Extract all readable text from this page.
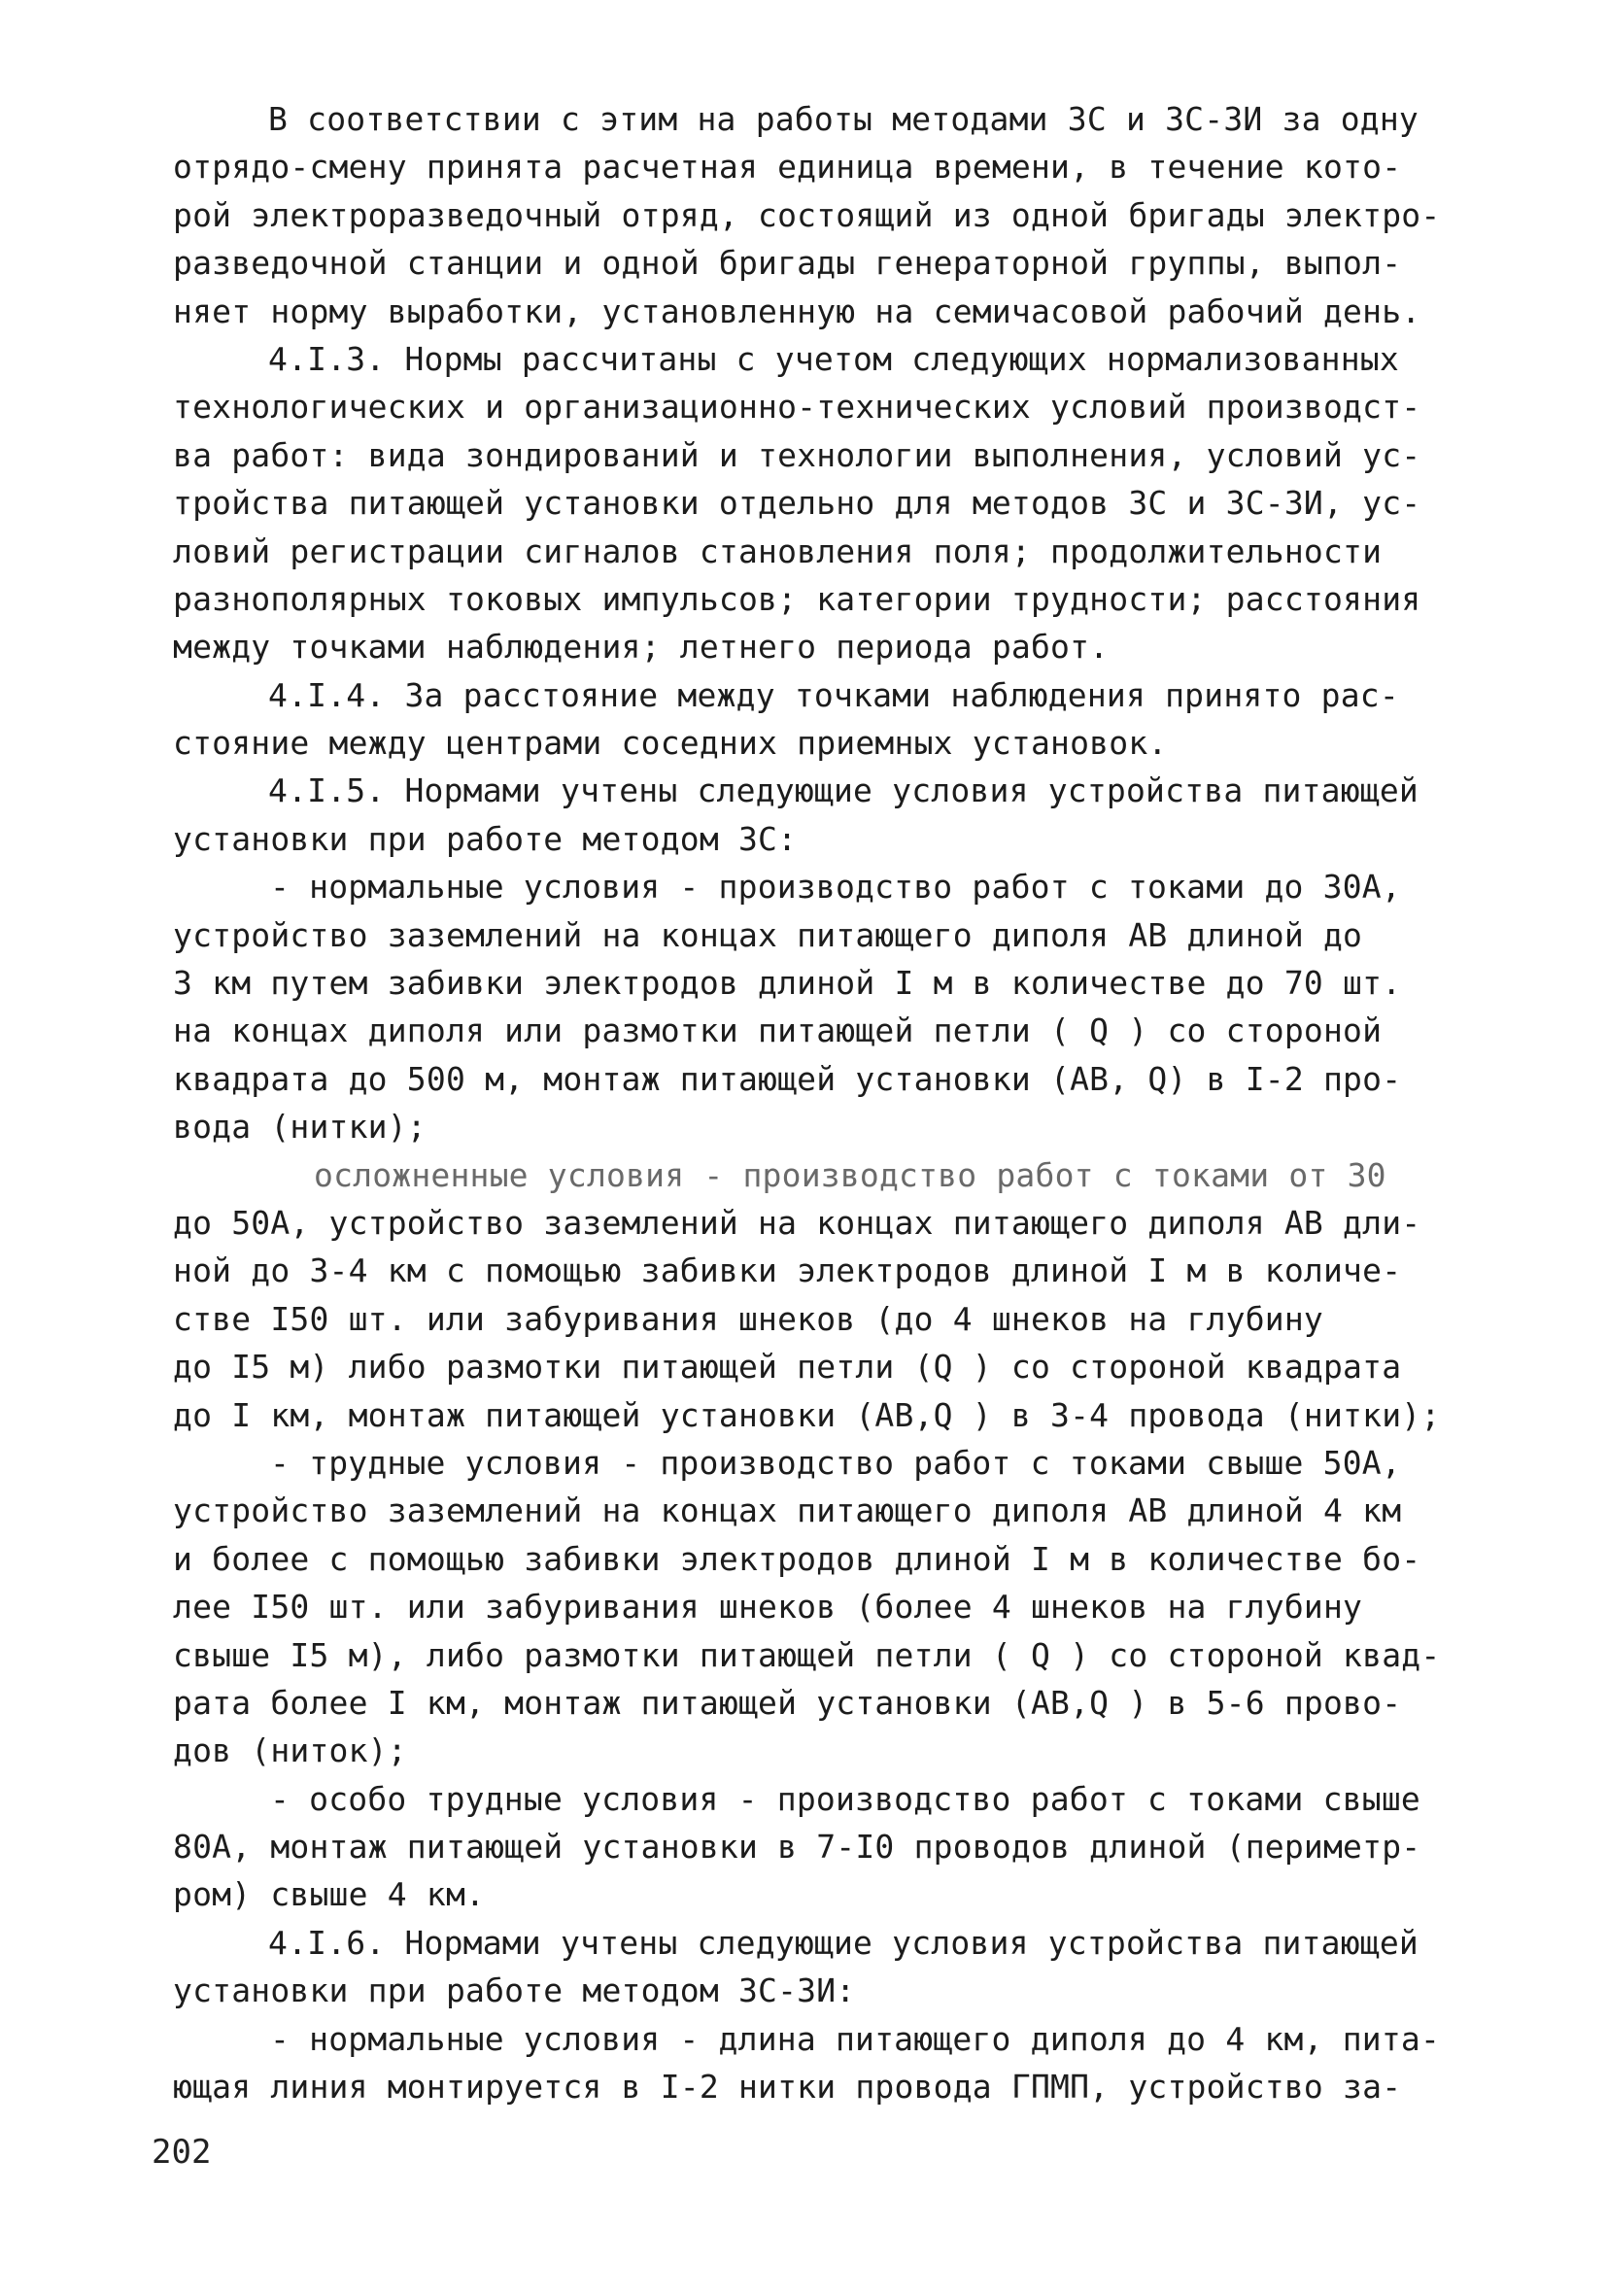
В соответствии с этим на работы методами ЗС и ЗС-ЗИ за одну
отрядо-смену принята расчетная единица времени, в течение кото-
рой электроразведочный отряд, состоящий из одной бригады электро-
разведочной станции и одной бригады генераторной группы, выпол-
няет норму выработки, установленную на семичасовой рабочий день.
4.I.3. Нормы рассчитаны с учетом следующих нормализованных
технологических и организационно-технических условий производст-
ва работ: вида зондирований и технологии выполнения, условий ус-
тройства питающей установки отдельно для методов ЗС и ЗС-ЗИ, ус-
ловий регистрации сигналов становления поля; продолжительности
разнополярных токовых импульсов; категории трудности; расстояния
между точками наблюдения; летнего периода работ.
4.I.4. За расстояние между точками наблюдения принято рас-
стояние между центрами соседних приемных установок.
4.I.5. Нормами учтены следующие условия устройства питающей
установки при работе методом ЗС:
- нормальные условия - производство работ с токами до 30А,
устройство заземлений на концах питающего диполя АВ длиной до
3 км путем забивки электродов длиной I м в количестве до 70 шт.
на концах диполя или размотки питающей петли ( Q ) со стороной
квадрата до 500 м, монтаж питающей установки (АВ, Q) в I-2 про-
вода (нитки);
осложненные условия - производство работ с токами от 30
до 50А, устройство заземлений на концах питающего диполя АВ дли-
ной до 3-4 км с помощью забивки электродов длиной I м в количе-
стве I50 шт. или забуривания шнеков (до 4 шнеков на глубину
до I5 м) либо размотки питающей петли (Q ) со стороной квадрата
до I км, монтаж питающей установки (АВ,Q ) в 3-4 провода (нитки);
- трудные условия - производство работ с токами свыше 50А,
устройство заземлений на концах питающего диполя АВ длиной 4 км
и более с помощью забивки электродов длиной I м в количестве бо-
лее I50 шт. или забуривания шнеков (более 4 шнеков на глубину
свыше I5 м), либо размотки питающей петли ( Q ) со стороной квад-
рата более I км, монтаж питающей установки (АВ,Q ) в 5-6 прово-
дов (ниток);
- особо трудные условия - производство работ с токами свыше
80А, монтаж питающей установки в 7-I0 проводов длиной (периметр-
ром) свыше 4 км.
4.I.6. Нормами учтены следующие условия устройства питающей
установки при работе методом ЗС-ЗИ:
- нормальные условия - длина питающего диполя до 4 км, пита-
ющая линия монтируется в I-2 нитки провода ГПМП, устройство за-
202
